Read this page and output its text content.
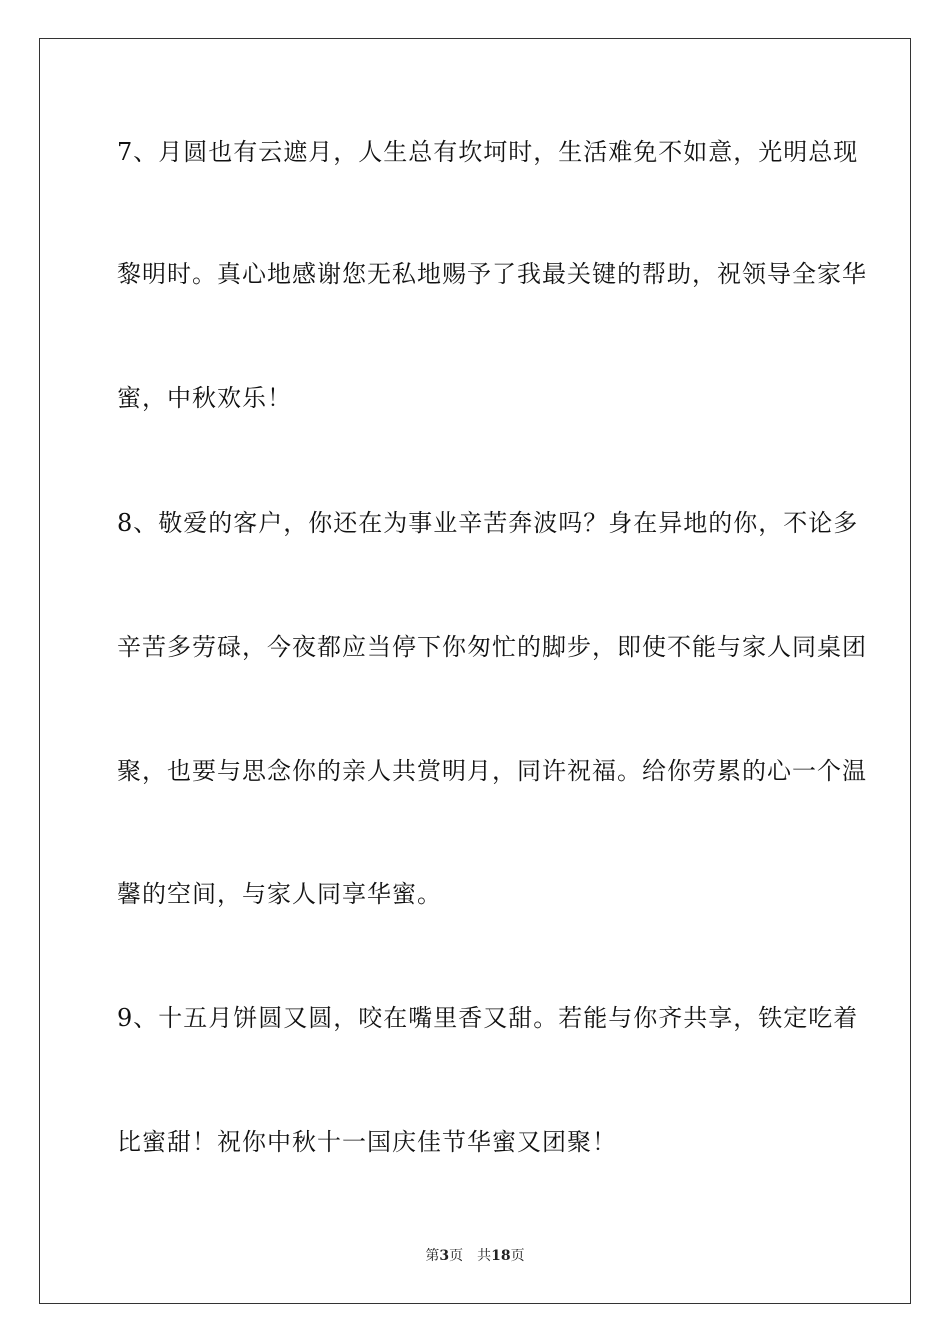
7、月圆也有云遮月，人生总有坎坷时，生活难免不如意，光明总现
黎明时。真心地感谢您无私地赐予了我最关键的帮助，祝领导全家华
蜜，中秋欢乐！
8、敬爱的客户，你还在为事业辛苦奔波吗？身在异地的你，不论多
辛苦多劳碌，今夜都应当停下你匆忙的脚步，即使不能与家人同桌团
聚，也要与思念你的亲人共赏明月，同许祝福。给你劳累的心一个温
馨的空间，与家人同享华蜜。
9、十五月饼圆又圆，咬在嘴里香又甜。若能与你齐共享，铁定吃着
比蜜甜！祝你中秋十一国庆佳节华蜜又团聚！
第3页 共18页
